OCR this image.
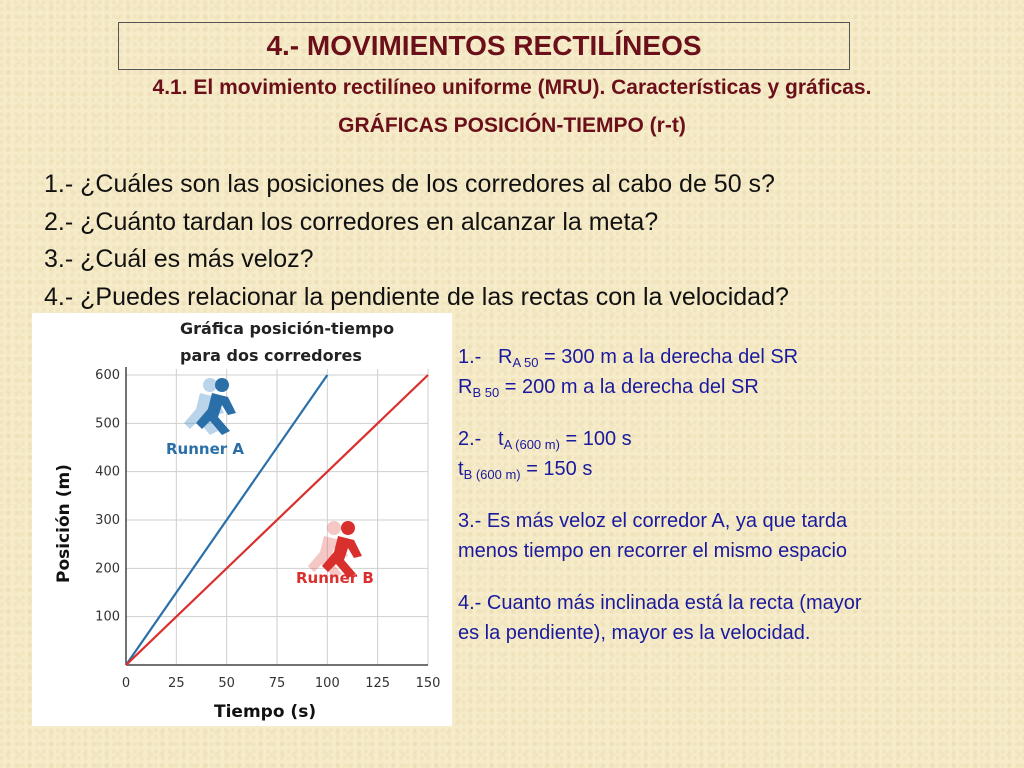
4.- MOVIMIENTOS RECTILÍNEOS
4.1. El movimiento rectilíneo uniforme (MRU). Características y gráficas.
GRÁFICAS POSICIÓN-TIEMPO (r-t)
1.- ¿Cuáles son las posiciones de los corredores al cabo de 50 s?
2.- ¿Cuánto tardan los corredores en alcanzar la meta?
3.- ¿Cuál es más veloz?
4.- ¿Puedes relacionar la pendiente de las rectas con la velocidad?
Gráfica posición-tiempo
para dos corredores
0	25	50	75 100 125 150
100
200
300
400
500
600
Runner A
Runner B
Tiempo (s)
Posición (m)

1.- $R_{A 50} = 300$ m a la derecha del SR

$R_{B 50} = 200$ m a la derecha del SR

2.- $t_{A (600 m)} = 100$ s

$t_{B (600 m)} = 150$ s

3.- Es más veloz el corredor A, ya que tarda

menos tiempo en recorrer el mismo espacio

4.- Cuanto más inclinada está la recta (mayor

es la pendiente), mayor es la velocidad.
